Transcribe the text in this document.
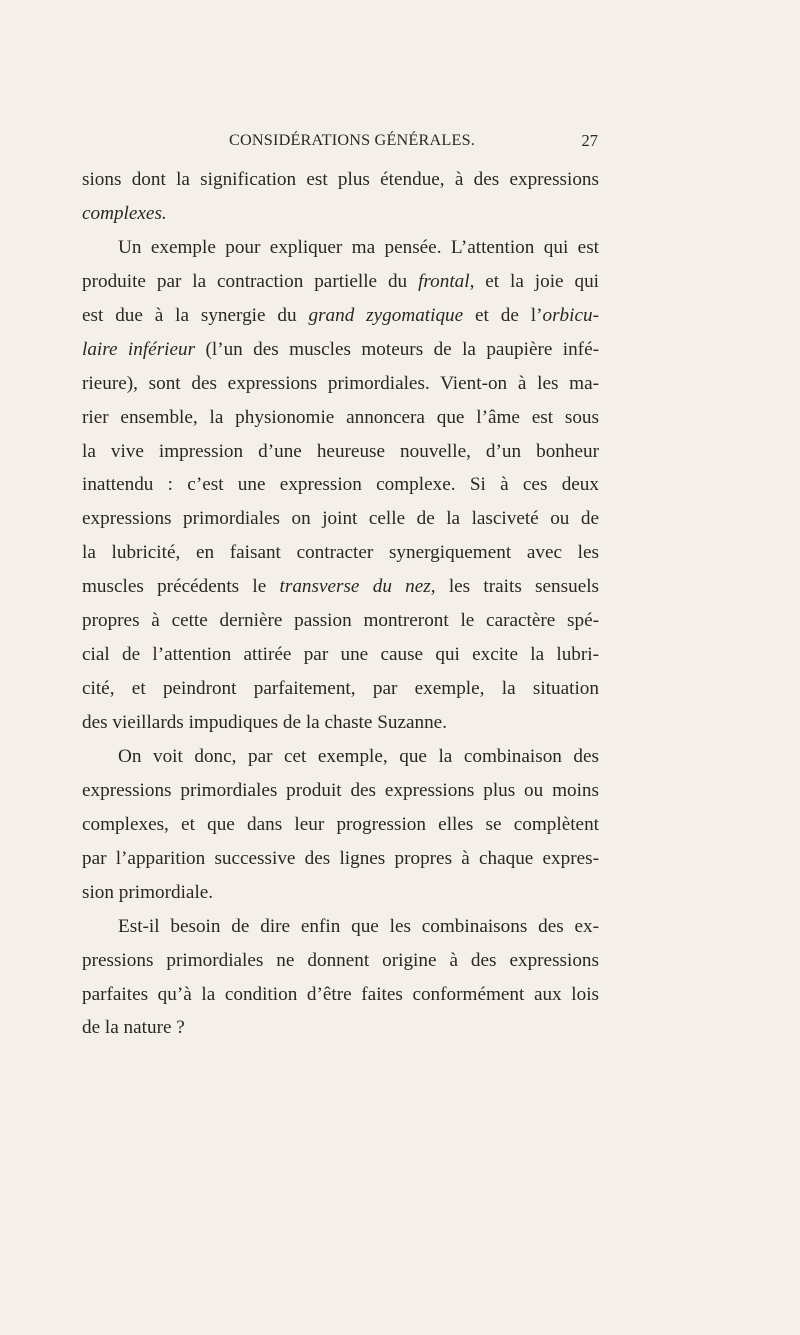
CONSIDÉRATIONS GÉNÉRALES.	27
sions dont la signification est plus étendue, à des expressions
complexes.
Un exemple pour expliquer ma pensée. L’attention qui est
produite par la contraction partielle du frontal, et la joie qui
est due à la synergie du grand zygomatique et de l’orbicu-
laire inférieur (l’un des muscles moteurs de la paupière infé-
rieure), sont des expressions primordiales. Vient-on à les ma-
rier ensemble, la physionomie annoncera que l’âme est sous
la vive impression d’une heureuse nouvelle, d’un bonheur
inattendu : c’est une expression complexe. Si à ces deux
expressions primordiales on joint celle de la lasciveté ou de
la lubricité, en faisant contracter synergiquement avec les
muscles précédents le transverse du nez, les traits sensuels
propres à cette dernière passion montreront le caractère spé-
cial de l’attention attirée par une cause qui excite la lubri-
cité, et peindront parfaitement, par exemple, la situation
des vieillards impudiques de la chaste Suzanne.
On voit donc, par cet exemple, que la combinaison des
expressions primordiales produit des expressions plus ou moins
complexes, et que dans leur progression elles se complètent
par l’apparition successive des lignes propres à chaque expres-
sion primordiale.
Est-il besoin de dire enfin que les combinaisons des ex-
pressions primordiales ne donnent origine à des expressions
parfaites qu’à la condition d’être faites conformément aux lois
de la nature ?
